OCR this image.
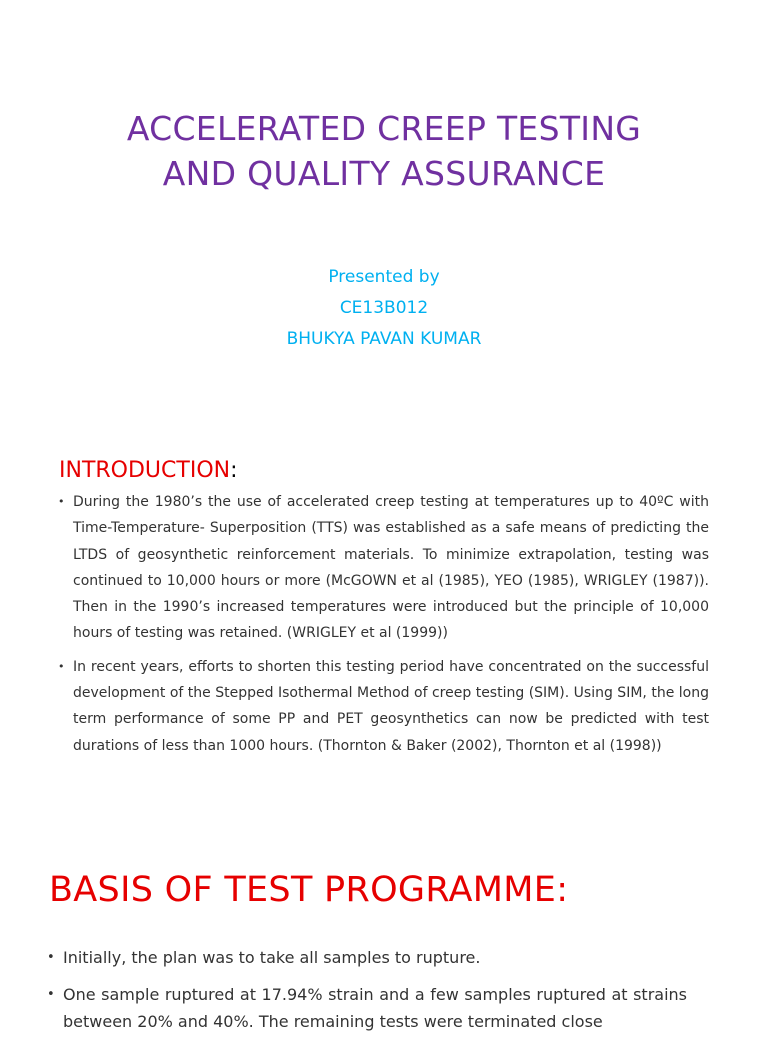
ACCELERATED CREEP TESTING
AND QUALITY ASSURANCE
Presented by
CE13B012
BHUKYA PAVAN KUMAR
INTRODUCTION:
• During the 1980’s the use of accelerated creep testing at temperatures up to 40ºC with Time-Temperature- Superposition (TTS) was established as a safe means of predicting the LTDS of geosynthetic reinforcement materials. To minimize extrapolation, testing was continued to 10,000 hours or more (McGOWN et al (1985), YEO (1985), WRIGLEY (1987)). Then in the 1990’s increased temperatures were introduced but the principle of 10,000 hours of testing was retained. (WRIGLEY et al (1999))
• In recent years, efforts to shorten this testing period have concentrated on the successful development of the Stepped Isothermal Method of creep testing (SIM). Using SIM, the long term performance of some PP and PET geosynthetics can now be predicted with test durations of less than 1000 hours. (Thornton & Baker (2002), Thornton et al (1998))
BASIS OF TEST PROGRAMME:
• Initially, the plan was to take all samples to rupture.
• One sample ruptured at 17.94% strain and a few samples ruptured at strains between 20% and 40%. The remaining tests were terminated close
